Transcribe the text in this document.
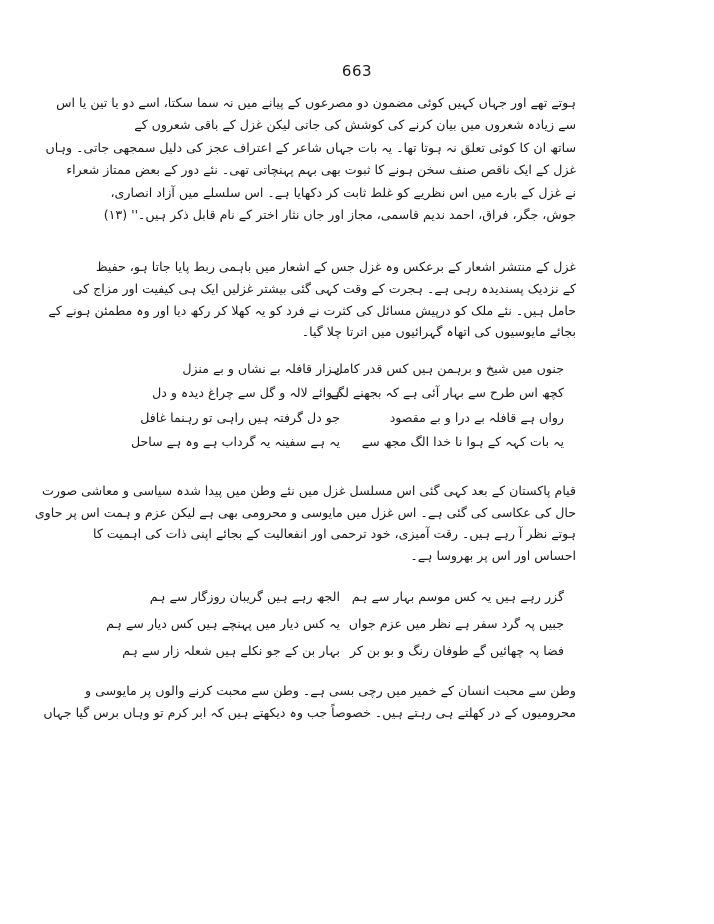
663
ہوتے تھے اور جہاں کہیں کوئی مضمون دو مصرعوں کے پیانے میں نہ سما سکتا، اسے دو یا تین یا اس
سے زیادہ شعروں میں بیان کرنے کی کوشش کی جاتی لیکن غزل کے باقی شعروں کے
ساتھ ان کا کوئی تعلق نہ ہوتا تھا۔ یہ بات جہاں شاعر کے اعتراف عجز کی دلیل سمجھی جاتی۔ وہاں
غزل کے ایک ناقص صنف سخن ہونے کا ثبوت بھی بہم پہنچاتی تھی۔ نئے دور کے بعض ممتاز شعراء
نے غزل کے بارے میں اس نظریے کو غلط ثابت کر دکھایا ہے۔ اس سلسلے میں آزاد انصاری،
جوش، جگر، فراق، احمد ندیم قاسمی، مجاز اور جاں نثار اختر کے نام قابل ذکر ہیں۔'' (۱۳)
غزل کے منتشر اشعار کے برعکس وہ غزل جس کے اشعار میں باہمی ربط پایا جاتا ہو، حفیظ
کے نزدیک پسندیدہ رہی ہے۔ ہجرت کے وقت کہی گئی بیشتر غزلیں ایک ہی کیفیت اور مزاج کی
حامل ہیں۔ نئے ملک کو درپیش مسائل کی کثرت نے فرد کو یہ کھلا کر رکھ دیا اور وہ مطمئن ہونے کے
بجائے مایوسیوں کی اتھاہ گہرائیوں میں اترتا چلا گیا۔
جنوں میں شیخ و برہمن ہیں کس قدر کامل
ہزار قافلہ بے نشاں و بے منزل
کچھ اس طرح سے بہار آئی ہے کہ بجھنے لگے
ہوائے لالہ و گل سے چراغ دیدہ و دل
رواں ہے قافلہ بے درا و بے مقصود
جو دل گرفتہ ہیں راہی تو رہنما غافل
یہ بات کہہ کے ہوا نا خدا الگ مجھ سے
یہ ہے سفینہ یہ گرداب ہے وہ ہے ساحل
قیام پاکستان کے بعد کہی گئی اس مسلسل غزل میں نئے وطن میں پیدا شدہ سیاسی و معاشی صورت
حال کی عکاسی کی گئی ہے۔ اس غزل میں مایوسی و محرومی بھی ہے لیکن عزم و ہمت اس پر حاوی
ہوتے نظر آ رہے ہیں۔ رقت آمیزی، خود ترحمی اور انفعالیت کے بجائے اپنی ذات کی اہمیت کا
احساس اور اس پر بھروسا ہے۔
گزر رہے ہیں یہ کس موسم بہار سے ہم
الجھ رہے ہیں گریبان روزگار سے ہم
جبیں پہ گرد سفر ہے نظر میں عزم جواں
یہ کس دیار میں پہنچے ہیں کس دیار سے ہم
فضا پہ چھائیں گے طوفان رنگ و بو بن کر
بہار بن کے جو نکلے ہیں شعلہ زار سے ہم
وطن سے محبت انسان کے خمیر میں رچی بسی ہے۔ وطن سے محبت کرنے والوں پر مایوسی و
محرومیوں کے در کھلتے ہی رہتے ہیں۔ خصوصاً جب وہ دیکھتے ہیں کہ ابر کرم تو وہاں برس گیا جہاں
